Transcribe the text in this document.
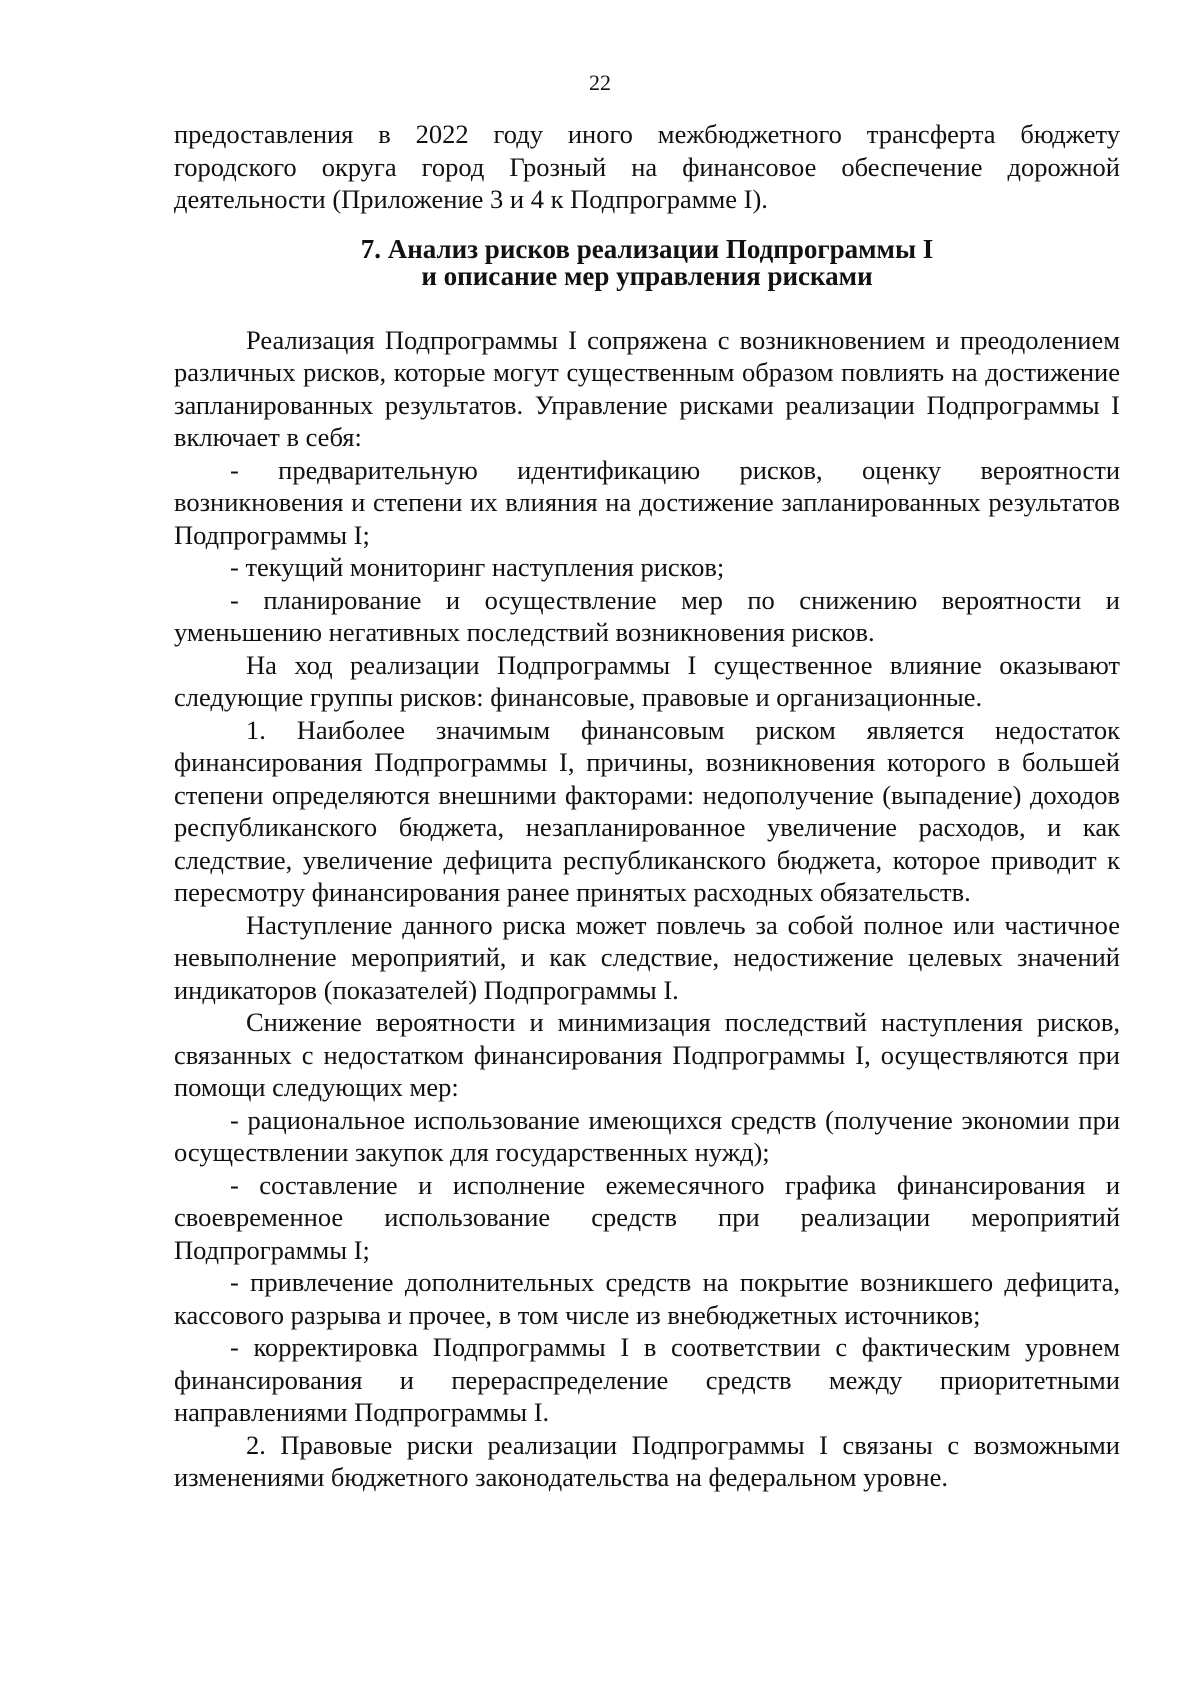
22

предоставления в 2022 году иного межбюджетного трансферта бюджету городского округа город Грозный на финансовое обеспечение дорожной деятельности (Приложение 3 и 4 к Подпрограмме I).

7. Анализ рисков реализации Подпрограммы I
и описание мер управления рисками

Реализация Подпрограммы I сопряжена с возникновением и преодолением различных рисков, которые могут существенным образом повлиять на достижение запланированных результатов. Управление рисками реализации Подпрограммы I включает в себя:

- предварительную идентификацию рисков, оценку вероятности возникновения и степени их влияния на достижение запланированных результатов Подпрограммы I;

- текущий мониторинг наступления рисков;

- планирование и осуществление мер по снижению вероятности и уменьшению негативных последствий возникновения рисков.

На ход реализации Подпрограммы I существенное влияние оказывают следующие группы рисков: финансовые, правовые и организационные.

1. Наиболее значимым финансовым риском является недостаток финансирования Подпрограммы I, причины, возникновения которого в большей степени определяются внешними факторами: недополучение (выпадение) доходов республиканского бюджета, незапланированное увеличение расходов, и как следствие, увеличение дефицита республиканского бюджета, которое приводит к пересмотру финансирования ранее принятых расходных обязательств.

Наступление данного риска может повлечь за собой полное или частичное невыполнение мероприятий, и как следствие, недостижение целевых значений индикаторов (показателей) Подпрограммы I.

Снижение вероятности и минимизация последствий наступления рисков, связанных с недостатком финансирования Подпрограммы I, осуществляются при помощи следующих мер:

- рациональное использование имеющихся средств (получение экономии при осуществлении закупок для государственных нужд);

- составление и исполнение ежемесячного графика финансирования и своевременное использование средств при реализации мероприятий Подпрограммы I;

- привлечение дополнительных средств на покрытие возникшего дефицита, кассового разрыва и прочее, в том числе из внебюджетных источников;

- корректировка Подпрограммы I в соответствии с фактическим уровнем финансирования и перераспределение средств между приоритетными направлениями Подпрограммы I.

2. Правовые риски реализации Подпрограммы I связаны с возможными изменениями бюджетного законодательства на федеральном уровне.
